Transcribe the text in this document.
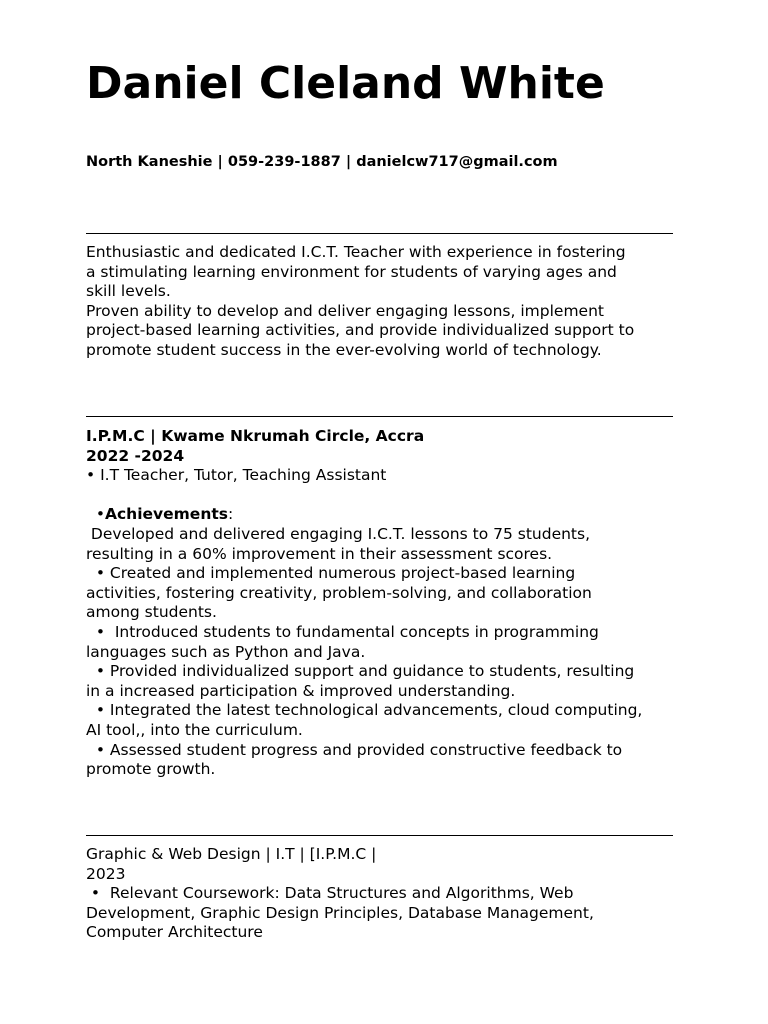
Daniel Cleland White
North Kaneshie | 059-239-1887 | danielcw717@gmail.com
Enthusiastic and dedicated I.C.T. Teacher with experience in fostering
a stimulating learning environment for students of varying ages and
skill levels.
Proven ability to develop and deliver engaging lessons, implement
project-based learning activities, and provide individualized support to
promote student success in the ever-evolving world of technology.
I.P.M.C | Kwame Nkrumah Circle, Accra
2022 -2024
• I.T Teacher, Tutor, Teaching Assistant
•Achievements:
Developed and delivered engaging I.C.T. lessons to 75 students,
resulting in a 60% improvement in their assessment scores.
• Created and implemented numerous project-based learning
activities, fostering creativity, problem-solving, and collaboration
among students.
•  Introduced students to fundamental concepts in programming
languages such as Python and Java.
• Provided individualized support and guidance to students, resulting
in a increased participation & improved understanding.
• Integrated the latest technological advancements, cloud computing,
AI tool,, into the curriculum.
• Assessed student progress and provided constructive feedback to
promote growth.
Graphic & Web Design | I.T | [I.P.M.C |
2023
•  Relevant Coursework: Data Structures and Algorithms, Web
Development, Graphic Design Principles, Database Management,
Computer Architecture
